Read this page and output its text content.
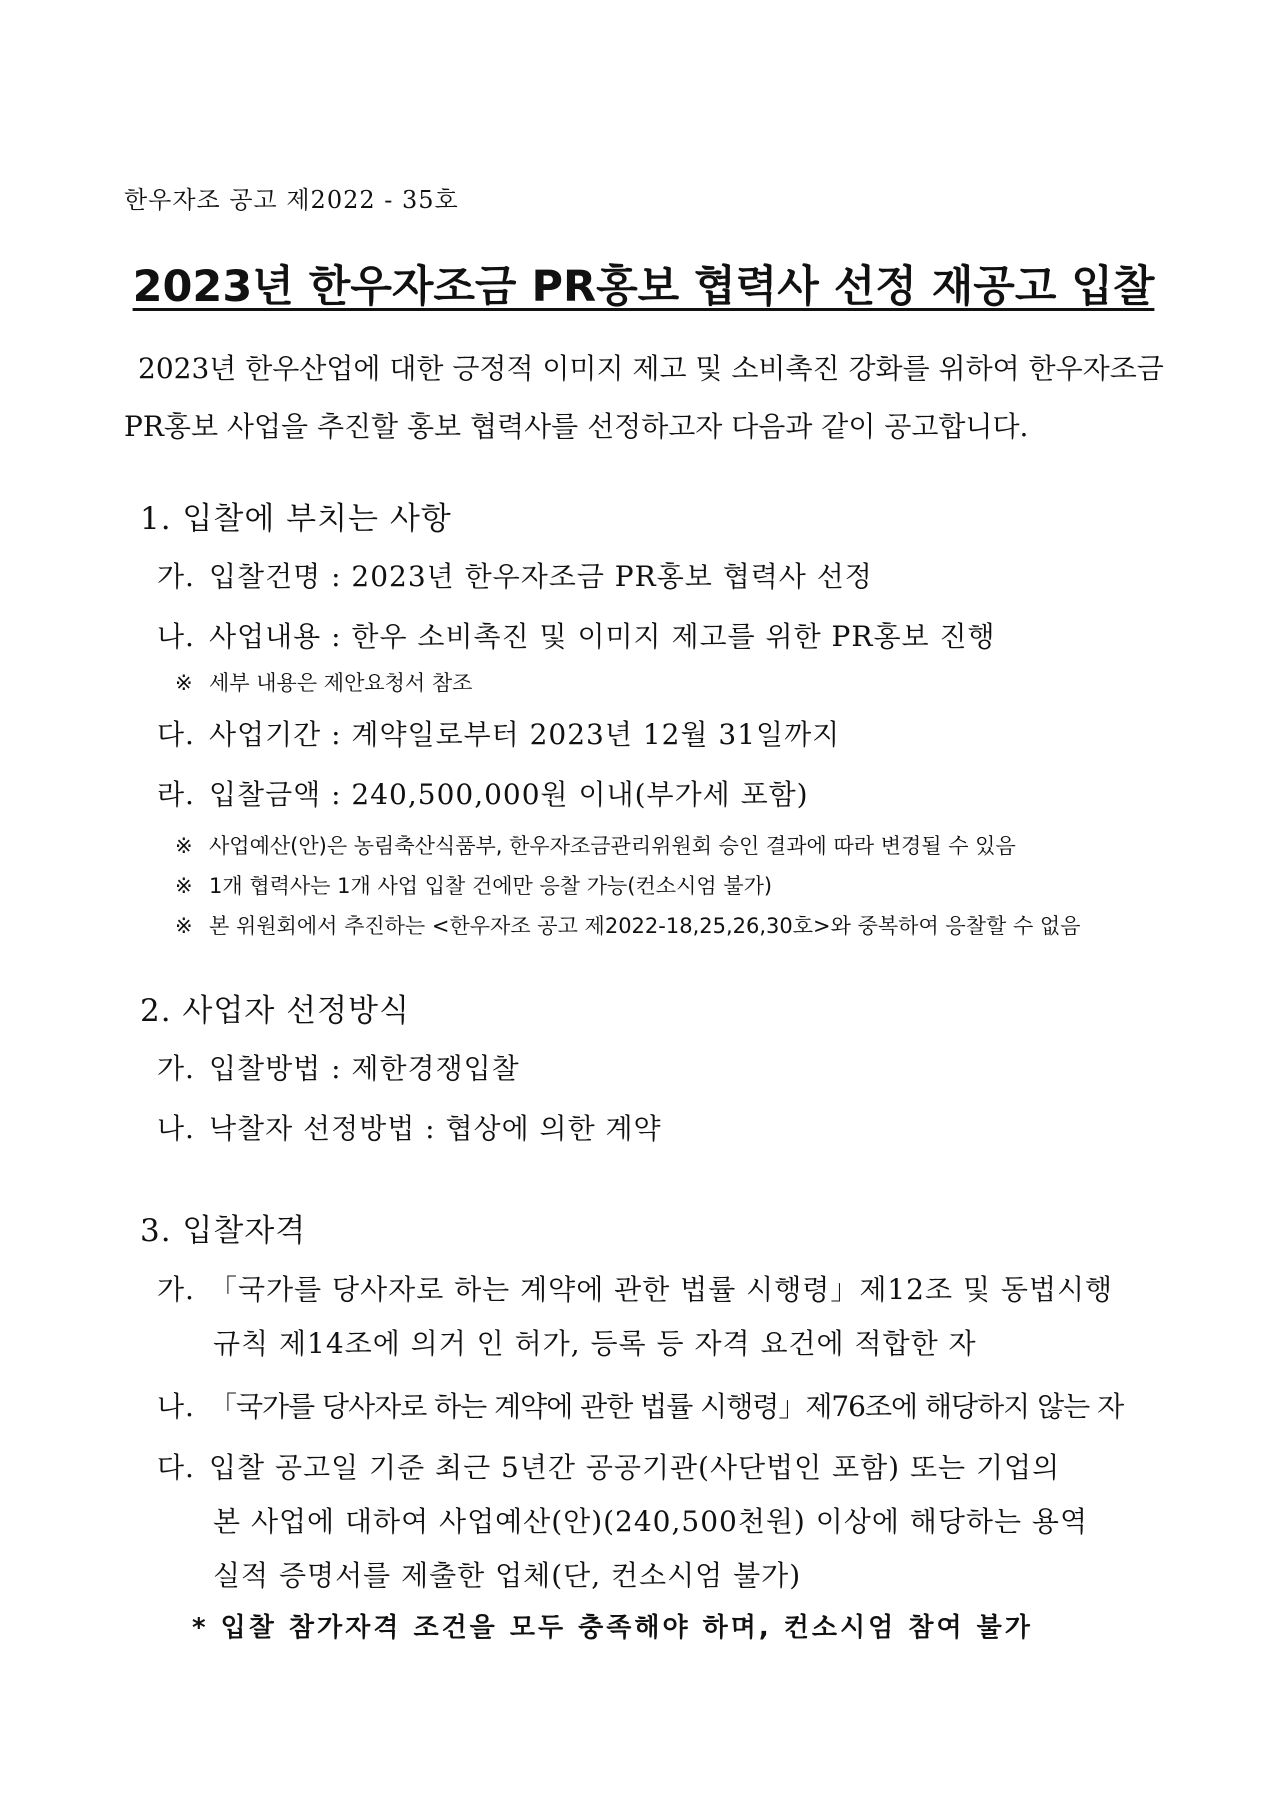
한우자조 공고 제2022 - 35호
2023년 한우자조금 PR홍보 협력사 선정 재공고 입찰

2023년 한우산업에 대한 긍정적 이미지 제고 및 소비촉진 강화를 위하여 한우자조금

PR홍보 사업을 추진할 홍보 협력사를 선정하고자 다음과 같이 공고합니다.

1. 입찰에 부치는 사항
가. 입찰건명 : 2023년 한우자조금 PR홍보 협력사 선정
나. 사업내용 : 한우 소비촉진 및 이미지 제고를 위한 PR홍보 진행
※ 세부 내용은 제안요청서 참조
다. 사업기간 : 계약일로부터 2023년 12월 31일까지
라. 입찰금액 : 240,500,000원 이내(부가세 포함)
※ 사업예산(안)은 농림축산식품부, 한우자조금관리위원회 승인 결과에 따라 변경될 수 있음
※ 1개 협력사는 1개 사업 입찰 건에만 응찰 가능(컨소시엄 불가)
※ 본 위원회에서 추진하는 <한우자조 공고 제2022-18,25,26,30호>와 중복하여 응찰할 수 없음
2. 사업자 선정방식
가. 입찰방법 : 제한경쟁입찰
나. 낙찰자 선정방법 : 협상에 의한 계약
3. 입찰자격
가. 「국가를 당사자로 하는 계약에 관한 법률 시행령」제12조 및 동법시행
규칙 제14조에 의거 인 허가, 등록 등 자격 요건에 적합한 자
나. 「국가를 당사자로 하는 계약에 관한 법률 시행령」제76조에 해당하지 않는 자
다. 입찰 공고일 기준 최근 5년간 공공기관(사단법인 포함) 또는 기업의
본 사업에 대하여 사업예산(안)(240,500천원) 이상에 해당하는 용역
실적 증명서를 제출한 업체(단, 컨소시엄 불가)
* 입찰 참가자격 조건을 모두 충족해야 하며, 컨소시엄 참여 불가
